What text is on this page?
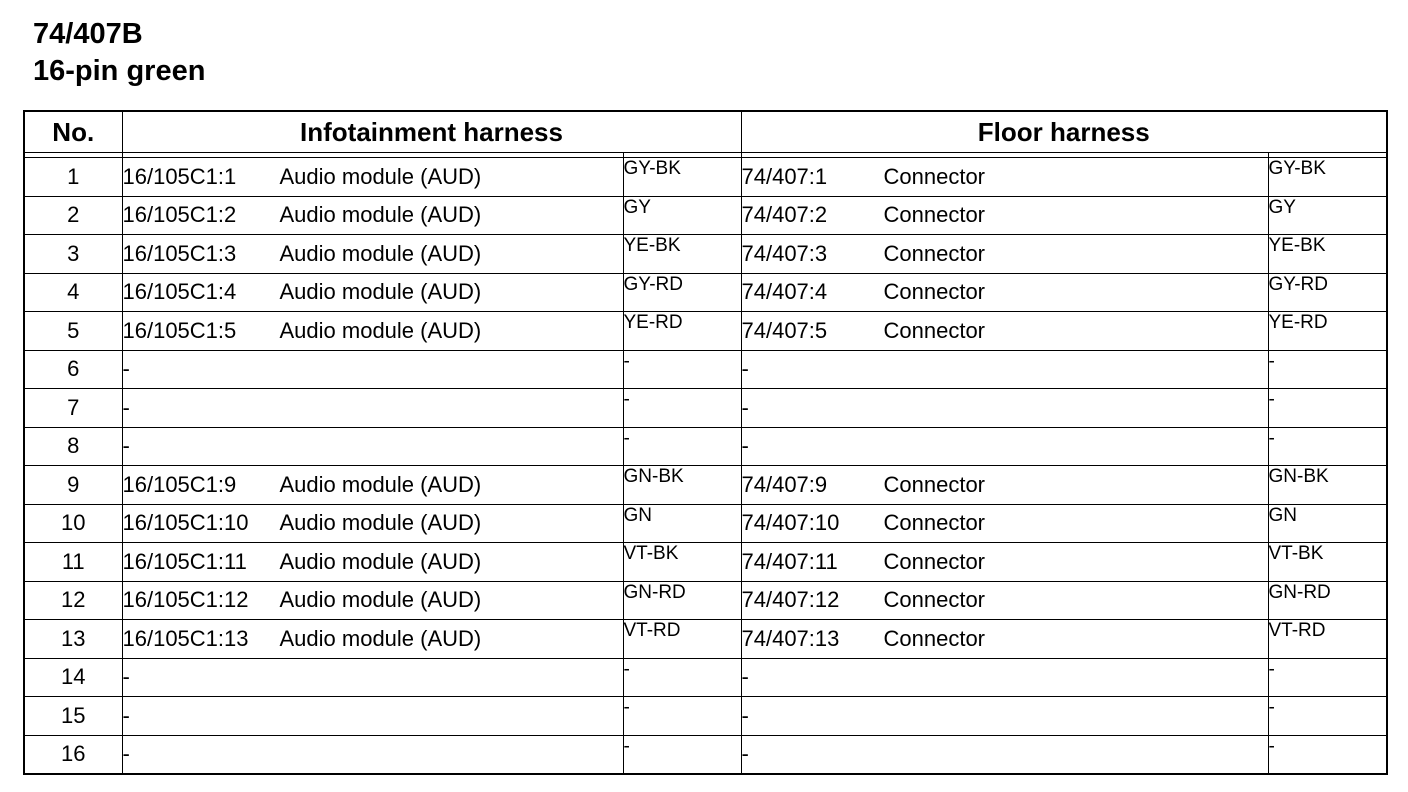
74/407B
16-pin green
No.	Infotainment harness		Floor harness	

1	16/105C1:1 Audio module (AUD)	GY-BK	74/407:1 Connector	GY-BK
2	16/105C1:2 Audio module (AUD)	GY	74/407:2 Connector	GY
3	16/105C1:3 Audio module (AUD)	YE-BK	74/407:3 Connector	YE-BK
4	16/105C1:4 Audio module (AUD)	GY-RD	74/407:4 Connector	GY-RD
5	16/105C1:5 Audio module (AUD)	YE-RD	74/407:5 Connector	YE-RD
6	-	-	-	-
7	-	-	-	-
8	-	-	-	-
9	16/105C1:9 Audio module (AUD)	GN-BK	74/407:9 Connector	GN-BK
10	16/105C1:10 Audio module (AUD)	GN	74/407:10 Connector	GN
11	16/105C1:11 Audio module (AUD)	VT-BK	74/407:11 Connector	VT-BK
12	16/105C1:12 Audio module (AUD)	GN-RD	74/407:12 Connector	GN-RD
13	16/105C1:13 Audio module (AUD)	VT-RD	74/407:13 Connector	VT-RD
14	-	-	-	-
15	-	-	-	-
16	-	-	-	-
